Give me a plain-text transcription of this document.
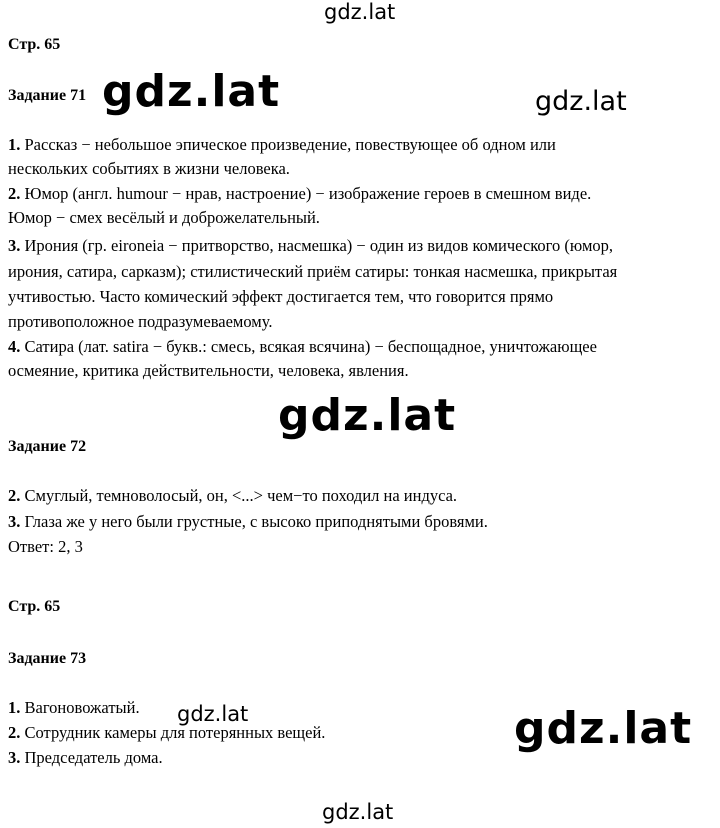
gdz.lat
gdz.lat	gdz.lat
gdz.lat
gdz.lat	gdz.lat
gdz.lat
Стр. 65
Задание 71
1. Рассказ − небольшое эпическое произведение, повествующее об одном или
нескольких событиях в жизни человека.
2. Юмор (англ. humour − нрав, настроение) − изображение героев в смешном виде.
Юмор − смех весёлый и доброжелательный.
3. Ирония (гр. eironeia − притворство, насмешка) − один из видов комического (юмор,
ирония, сатира, сарказм); стилистический приём сатиры: тонкая насмешка, прикрытая
учтивостью. Часто комический эффект достигается тем, что говорится прямо
противоположное подразумеваемому.
4. Сатира (лат. satira − букв.: смесь, всякая всячина) − беспощадное, уничтожающее
осмеяние, критика действительности, человека, явления.
Задание 72
2. Смуглый, темноволосый, он, <...> чем−то походил на индуса.
3. Глаза же у него были грустные, с высоко приподнятыми бровями.
Ответ: 2, 3
Стр. 65
Задание 73
1. Вагоновожатый.
2. Сотрудник камеры для потерянных вещей.
3. Председатель дома.
